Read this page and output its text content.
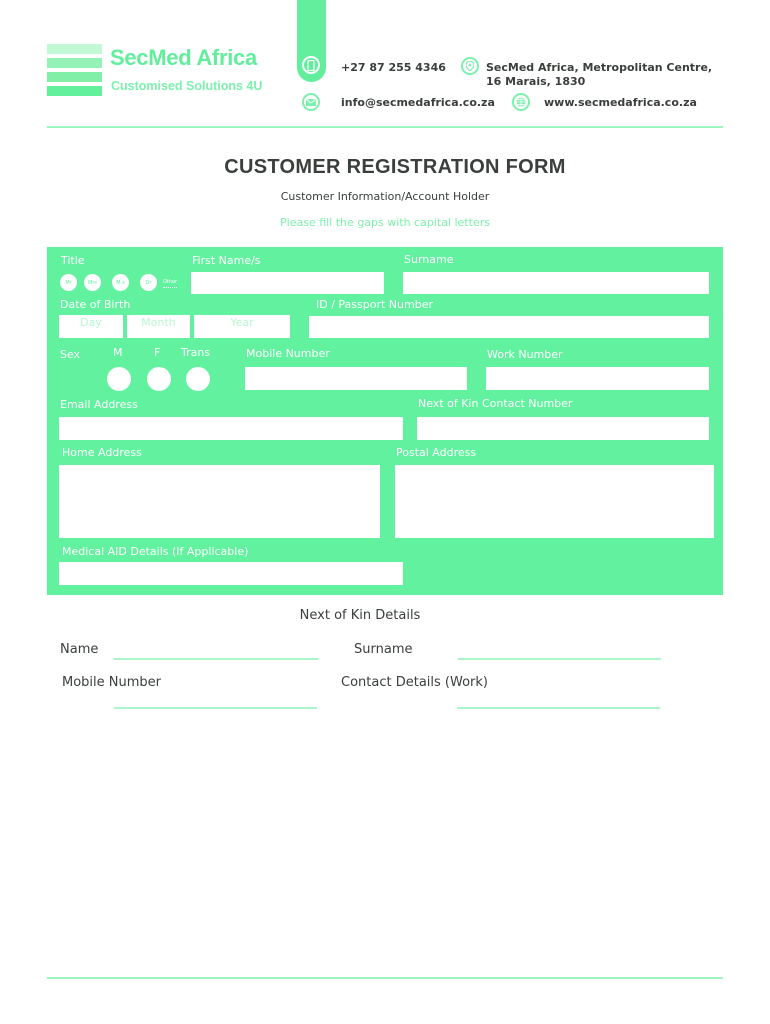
SecMed Africa
Customised Solutions 4U
+27 87 255 4346	SecMed Africa, Metropolitan Centre,
16 Marais, 1830
info@secmedafrica.co.za	www.secmedafrica.co.za
CUSTOMER REGISTRATION FORM
Customer Information/Account Holder
Please fill the gaps with capital letters
Title
Mr	Mrs	M.s	Dr	Other
First Name/s	Surname
Date of Birth
Day	Month	Year
ID / Passport Number
Sex	M	F Trans	Mobile Number	Work Number
Email Address	Next of Kin Contact Number
Home Address	Postal Address
Medical AID Details (If Applicable)
Next of Kin Details
Name	Surname
Mobile Number	Contact Details (Work)
